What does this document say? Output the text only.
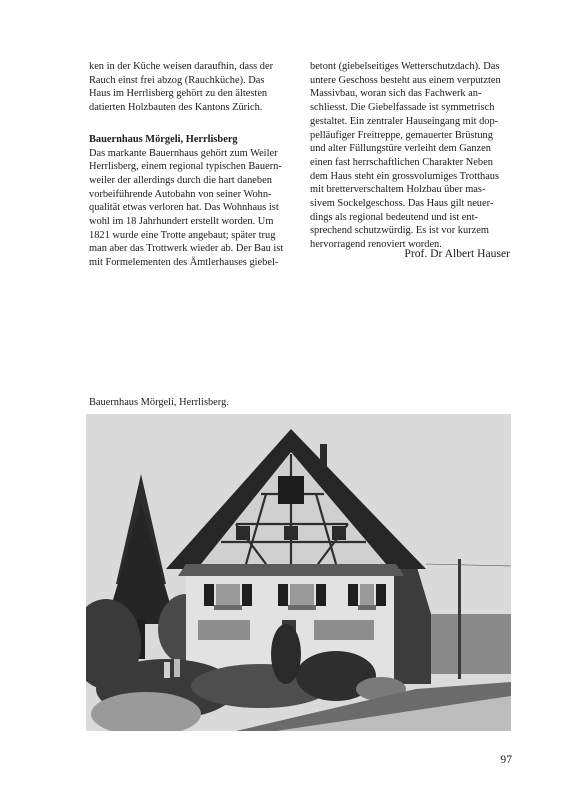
ken in der Küche weisen daraufhin, dass der

Rauch einst frei abzog (Rauchküche). Das

Haus im Herrlisberg gehört zu den ältesten

datierten Holzbauten des Kantons Zürich.

Bauernhaus Mörgeli, Herrlisberg

Das markante Bauernhaus gehört zum Weiler

Herrlisberg, einem regional typischen Bauern-

weiler der allerdings durch die hart daneben

vorbeiführende Autobahn von seiner Wohn-

qualität etwas verloren hat. Das Wohnhaus ist

wohl im 18 Jahrhundert erstellt worden. Um

1821 wurde eine Trotte angebaut; später trug

man aber das Trottwerk wieder ab. Der Bau ist

mit Formelementen des Ämtlerhauses giebel-

betont (giebelseitiges Wetterschutzdach). Das

untere Geschoss besteht aus einem verputzten

Massivbau, woran sich das Fachwerk an-

schliesst. Die Giebelfassade ist symmetrisch

gestaltet. Ein zentraler Hauseingang mit dop-

pelläufiger Freitreppe, gemauerter Brüstung

und alter Füllungstüre verleiht dem Ganzen

einen fast herrschaftlichen Charakter Neben

dem Haus steht ein grossvolumiges Trotthaus

mit bretterverschaltem Holzbau über mas-

sivem Sockelgeschoss. Das Haus gilt neuer-

dings als regional bedeutend und ist ent-

sprechend schutzwürdig. Es ist vor kurzem

hervorragend renoviert worden.

Prof. Dr Albert Hauser
Bauernhaus Mörgeli, Herrlisberg.
97
